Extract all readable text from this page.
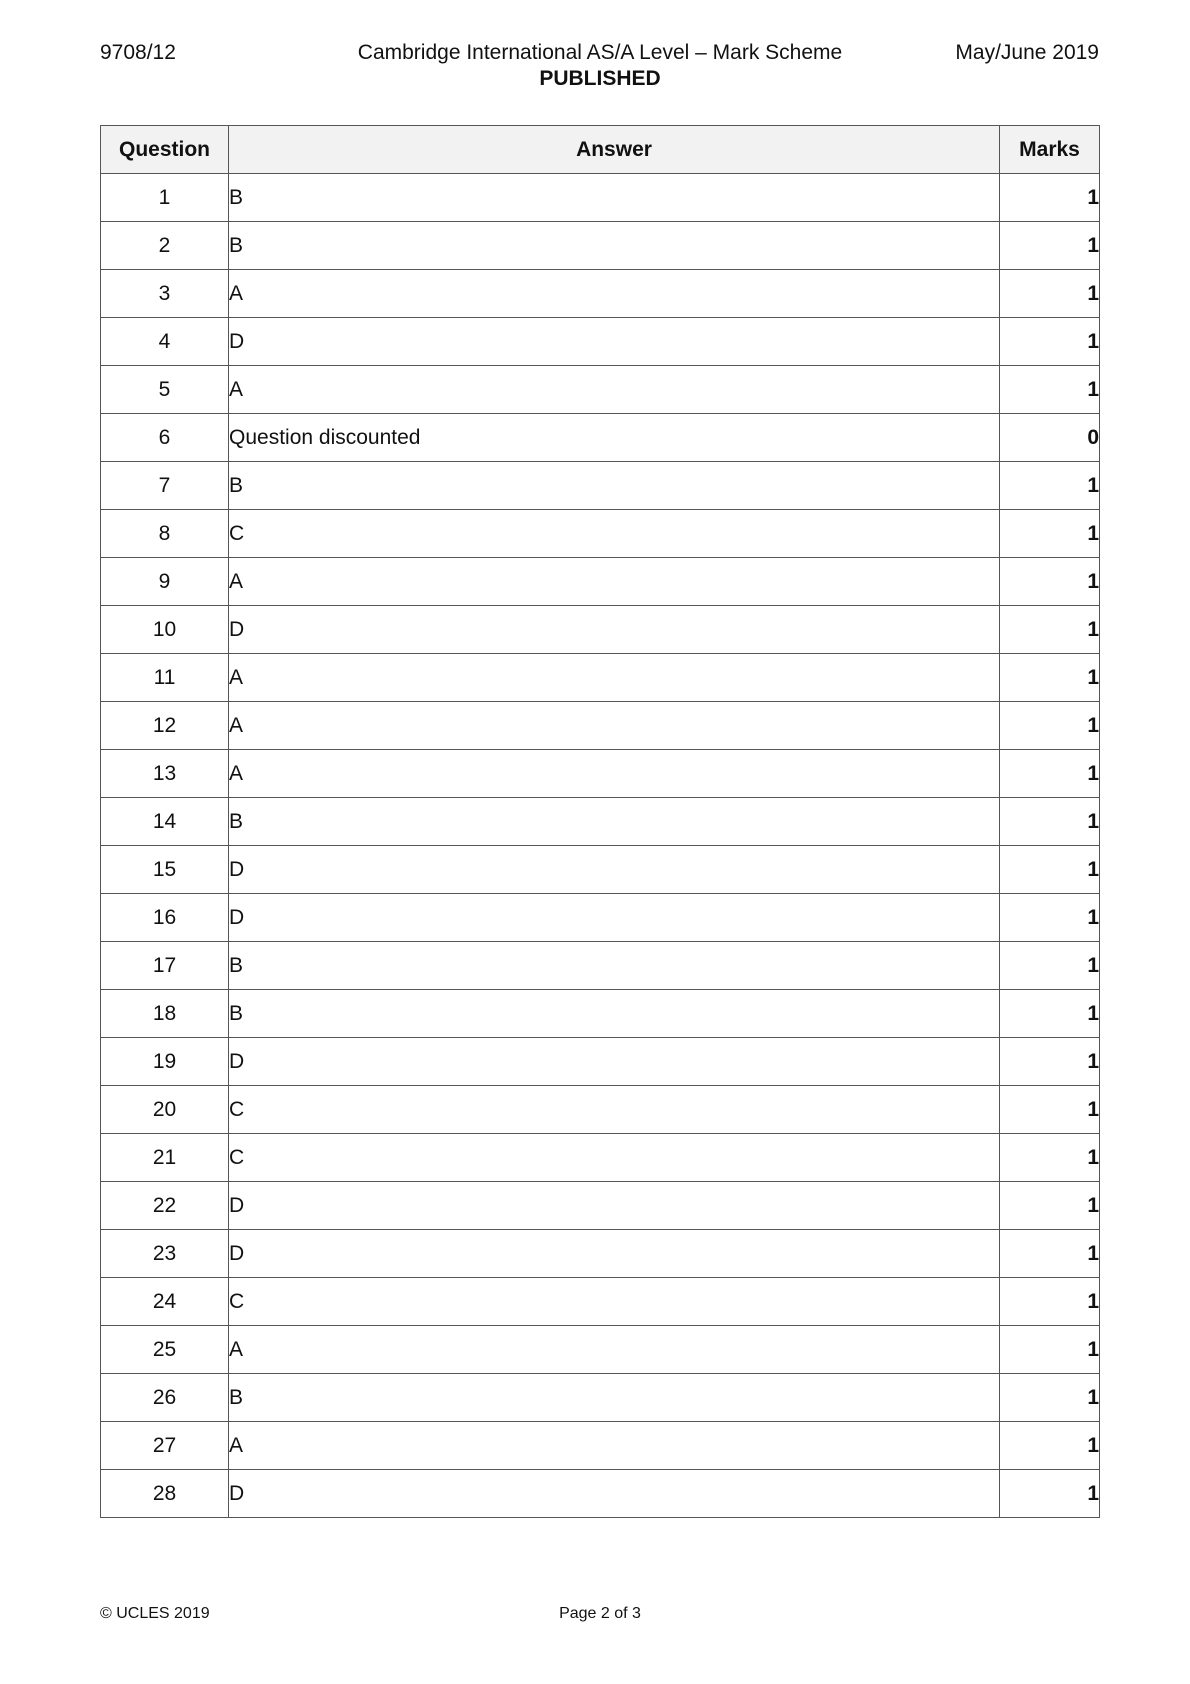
9708/12	Cambridge International AS/A Level – Mark Scheme	May/June 2019
PUBLISHED
Question	Answer	Marks
1	B	1
2	B	1
3	A	1
4	D	1
5	A	1
6	Question discounted	0
7	B	1
8	C	1
9	A	1
10	D	1
11	A	1
12	A	1
13	A	1
14	B	1
15	D	1
16	D	1
17	B	1
18	B	1
19	D	1
20	C	1
21	C	1
22	D	1
23	D	1
24	C	1
25	A	1
26	B	1
27	A	1
28	D	1
© UCLES 2019	Page 2 of 3
